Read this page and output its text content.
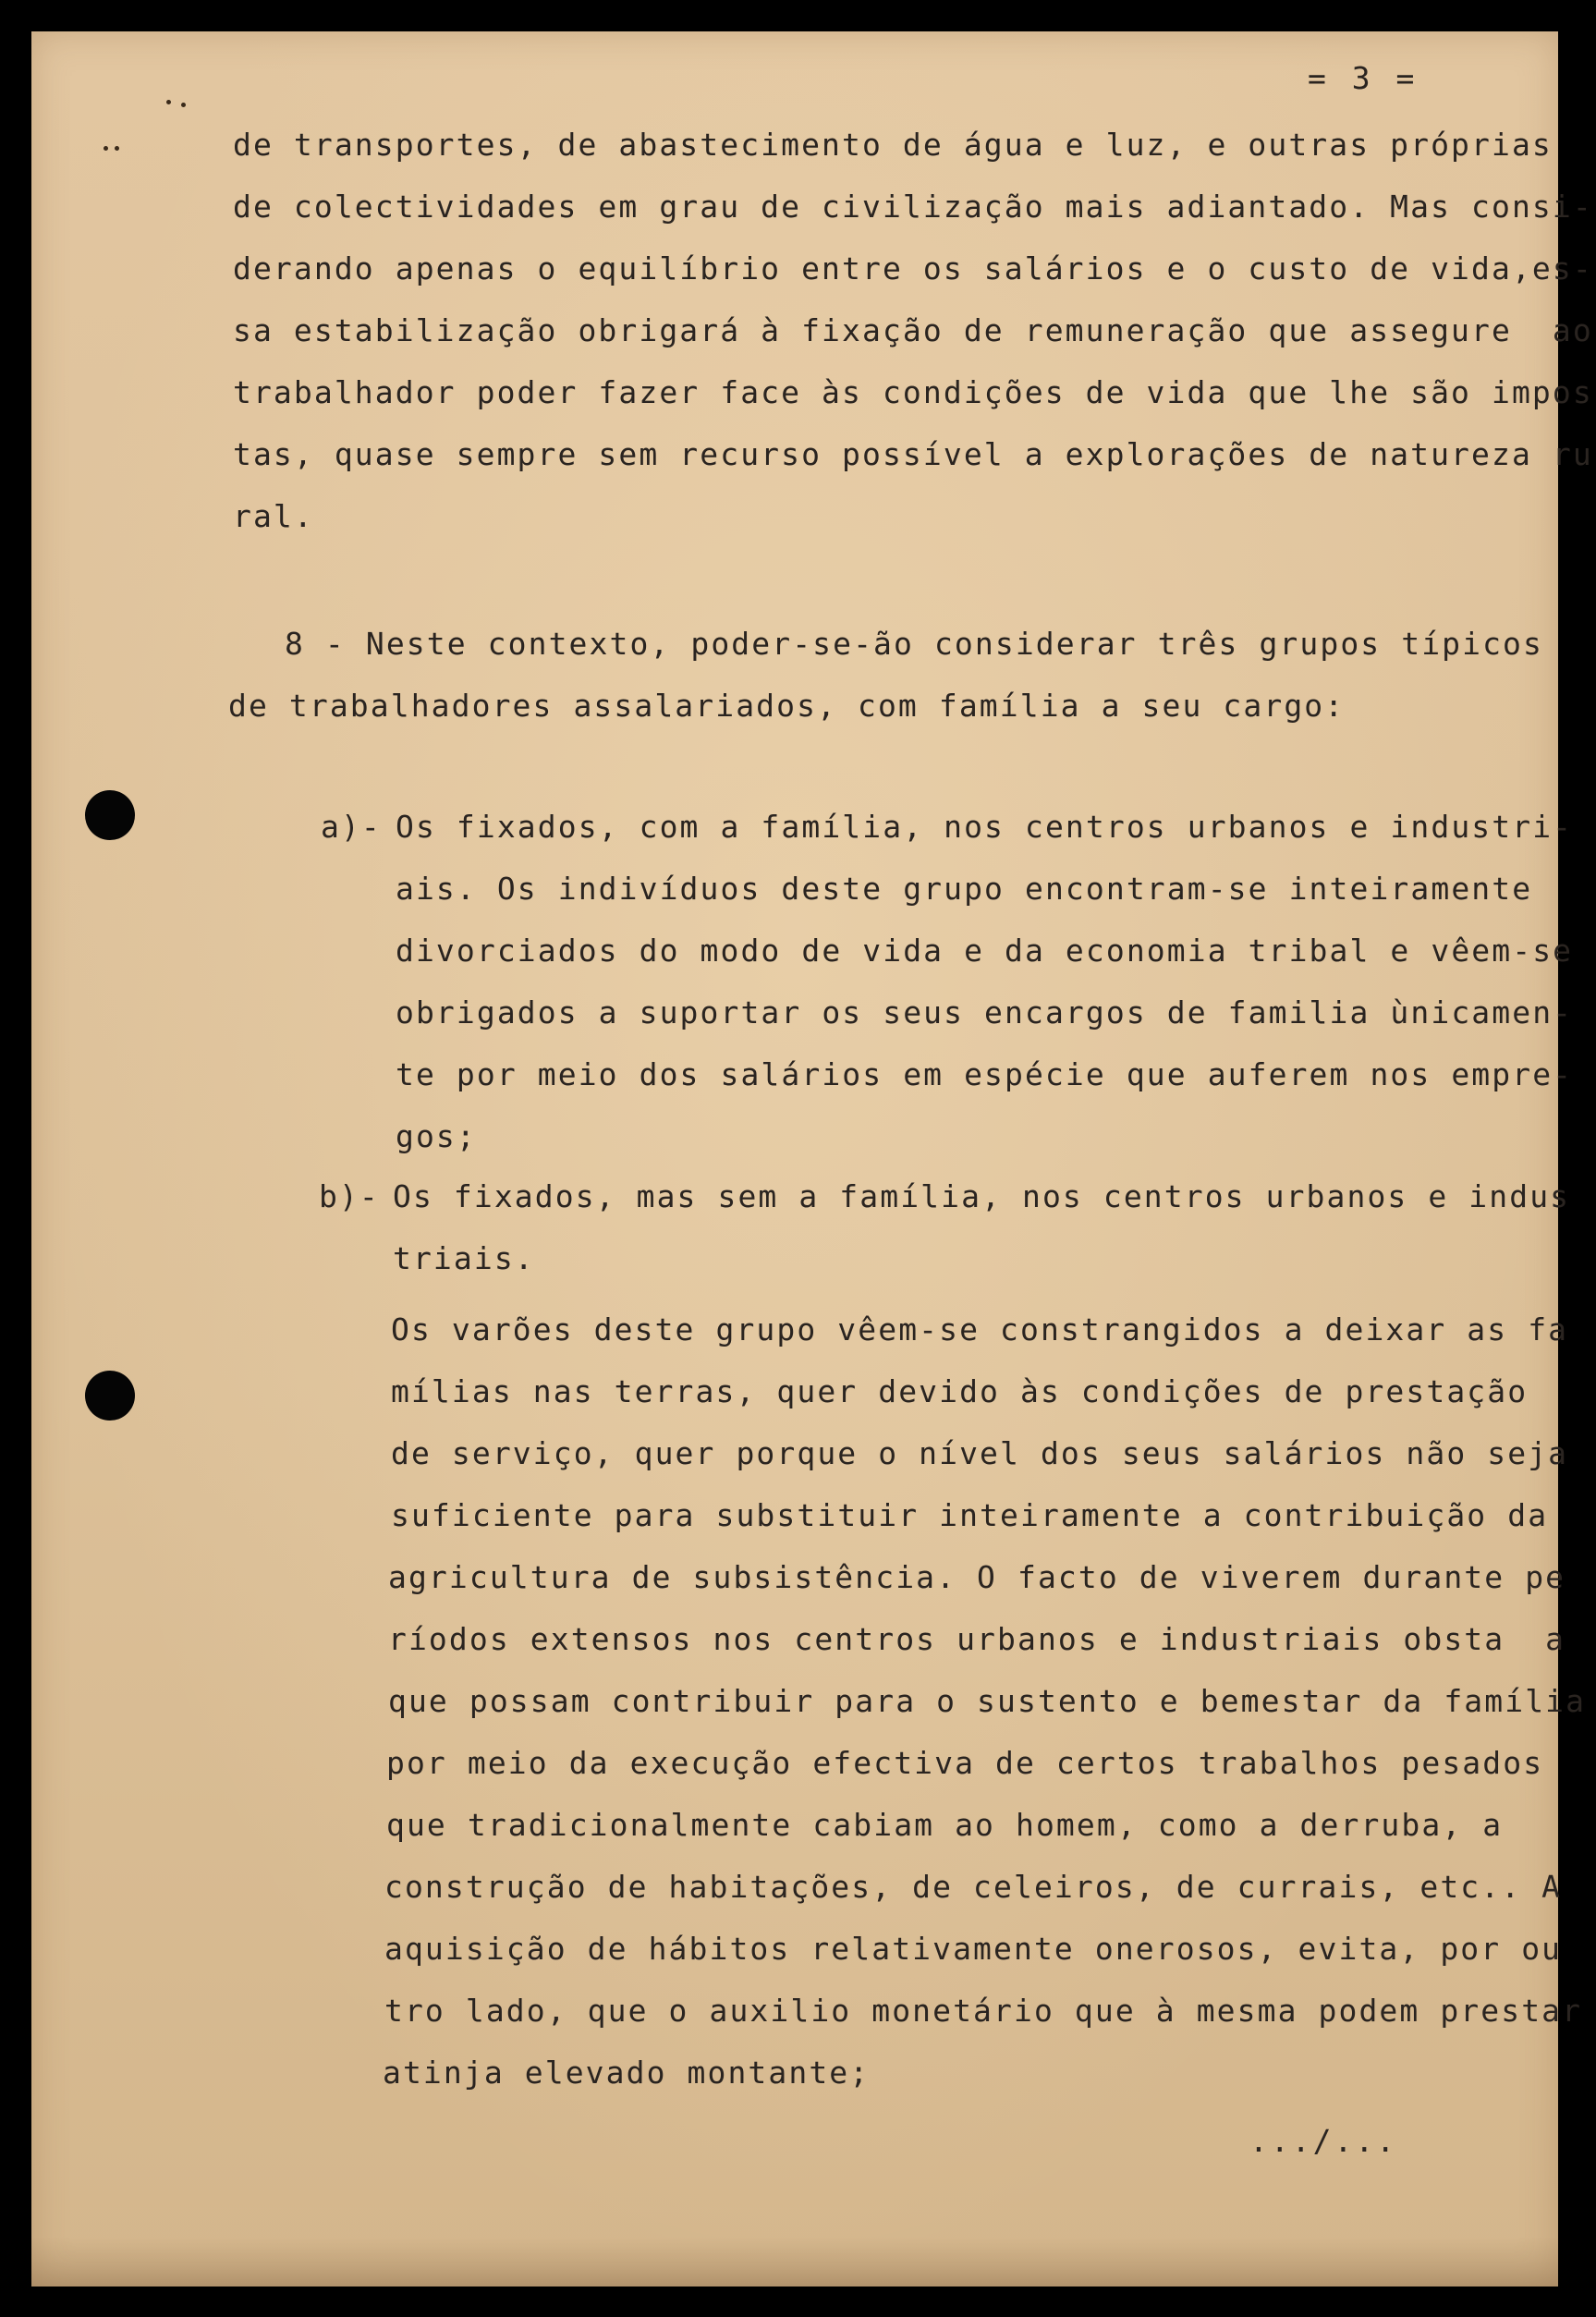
= 3 =
de transportes, de abastecimento de água e luz, e outras próprias
de colectividades em grau de civilização mais adiantado. Mas consi-
derando apenas o equilíbrio entre os salários e o custo de vida,es-
sa estabilização obrigará à fixação de remuneração que assegure  ao
trabalhador poder fazer face às condições de vida que lhe são impos
tas, quase sempre sem recurso possível a explorações de natureza ru
ral.
8 - Neste contexto, poder-se-ão considerar três grupos típicos
de trabalhadores assalariados, com família a seu cargo:
a)- Os fixados, com a família, nos centros urbanos e industri-
ais. Os indivíduos deste grupo encontram-se inteiramente
divorciados do modo de vida e da economia tribal e vêem-se
obrigados a suportar os seus encargos de familia ùnicamen-
te por meio dos salários em espécie que auferem nos empre-
gos;
b)- Os fixados, mas sem a família, nos centros urbanos e indus
triais.
Os varões deste grupo vêem-se constrangidos a deixar as fa
mílias nas terras, quer devido às condições de prestação
de serviço, quer porque o nível dos seus salários não seja
suficiente para substituir inteiramente a contribuição da
agricultura de subsistência. O facto de viverem durante pe
ríodos extensos nos centros urbanos e industriais obsta  a
que possam contribuir para o sustento e bemestar da família
por meio da execução efectiva de certos trabalhos pesados
que tradicionalmente cabiam ao homem, como a derruba, a
construção de habitações, de celeiros, de currais, etc.. A
aquisição de hábitos relativamente onerosos, evita, por ou
tro lado, que o auxilio monetário que à mesma podem prestar
atinja elevado montante;
.../...
